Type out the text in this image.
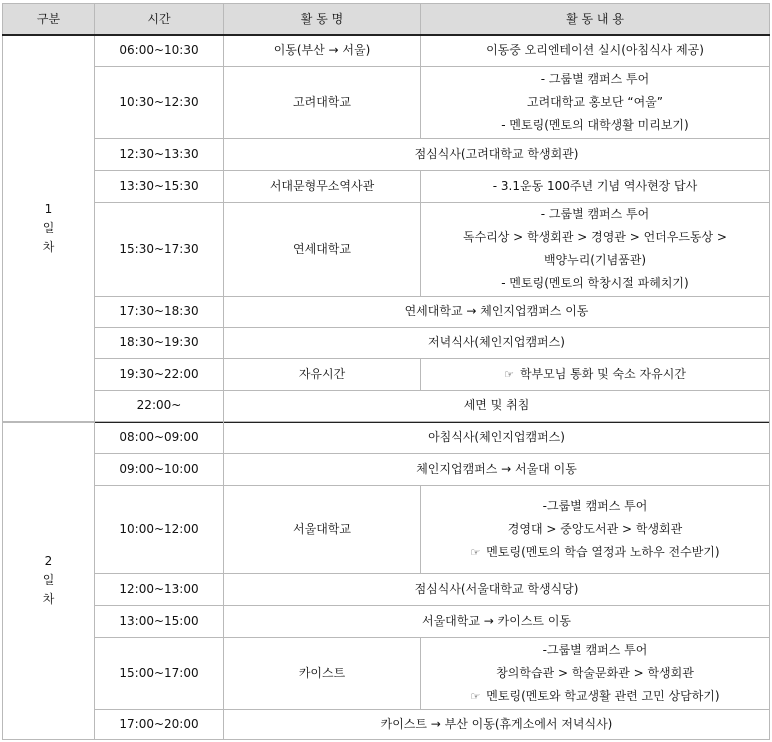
구분	시간	활 동 명	활 동 내 용

1
일
차	06:00~10:30	이동(부산 → 서울)	이동중 오리엔테이션 실시(아침식사 제공)
	10:30~12:30	고려대학교	- 그룹별 캠퍼스 투어
고려대학교 홍보단 “여울”
- 멘토링(멘토의 대학생활 미리보기)

	12:30~13:30	점심식사(고려대학교 학생회관)	
	13:30~15:30	서대문형무소역사관	- 3.1운동 100주년 기념 역사현장 답사
	15:30~17:30	연세대학교	- 그룹별 캠퍼스 투어
독수리상 > 학생회관 > 경영관 > 언더우드동상 >
백양누리(기념품관)
- 멘토링(멘토의 학창시절 파헤치기)

	17:30~18:30	연세대학교 → 체인지업캠퍼스 이동	
	18:30~19:30	저녁식사(체인지업캠퍼스)	
	19:30~22:00	자유시간	☞ 학부모님 통화 및 숙소 자유시간
	22:00~	세면 및 취침	
2
일
차	08:00~09:00	아침식사(체인지업캠퍼스)	
	09:00~10:00	체인지업캠퍼스 → 서울대 이동	
	10:00~12:00	서울대학교	-그룹별 캠퍼스 투어
경영대 > 중앙도서관 > 학생회관
☞ 멘토링(멘토의 학습 열정과 노하우 전수받기)

	12:00~13:00	점심식사(서울대학교 학생식당)	
	13:00~15:00	서울대학교 → 카이스트 이동	
	15:00~17:00	카이스트	-그룹별 캠퍼스 투어
창의학습관 > 학술문화관 > 학생회관
☞ 멘토링(멘토와 학교생활 관련 고민 상담하기)

	17:00~20:00	카이스트 → 부산 이동(휴게소에서 저녁식사)	
